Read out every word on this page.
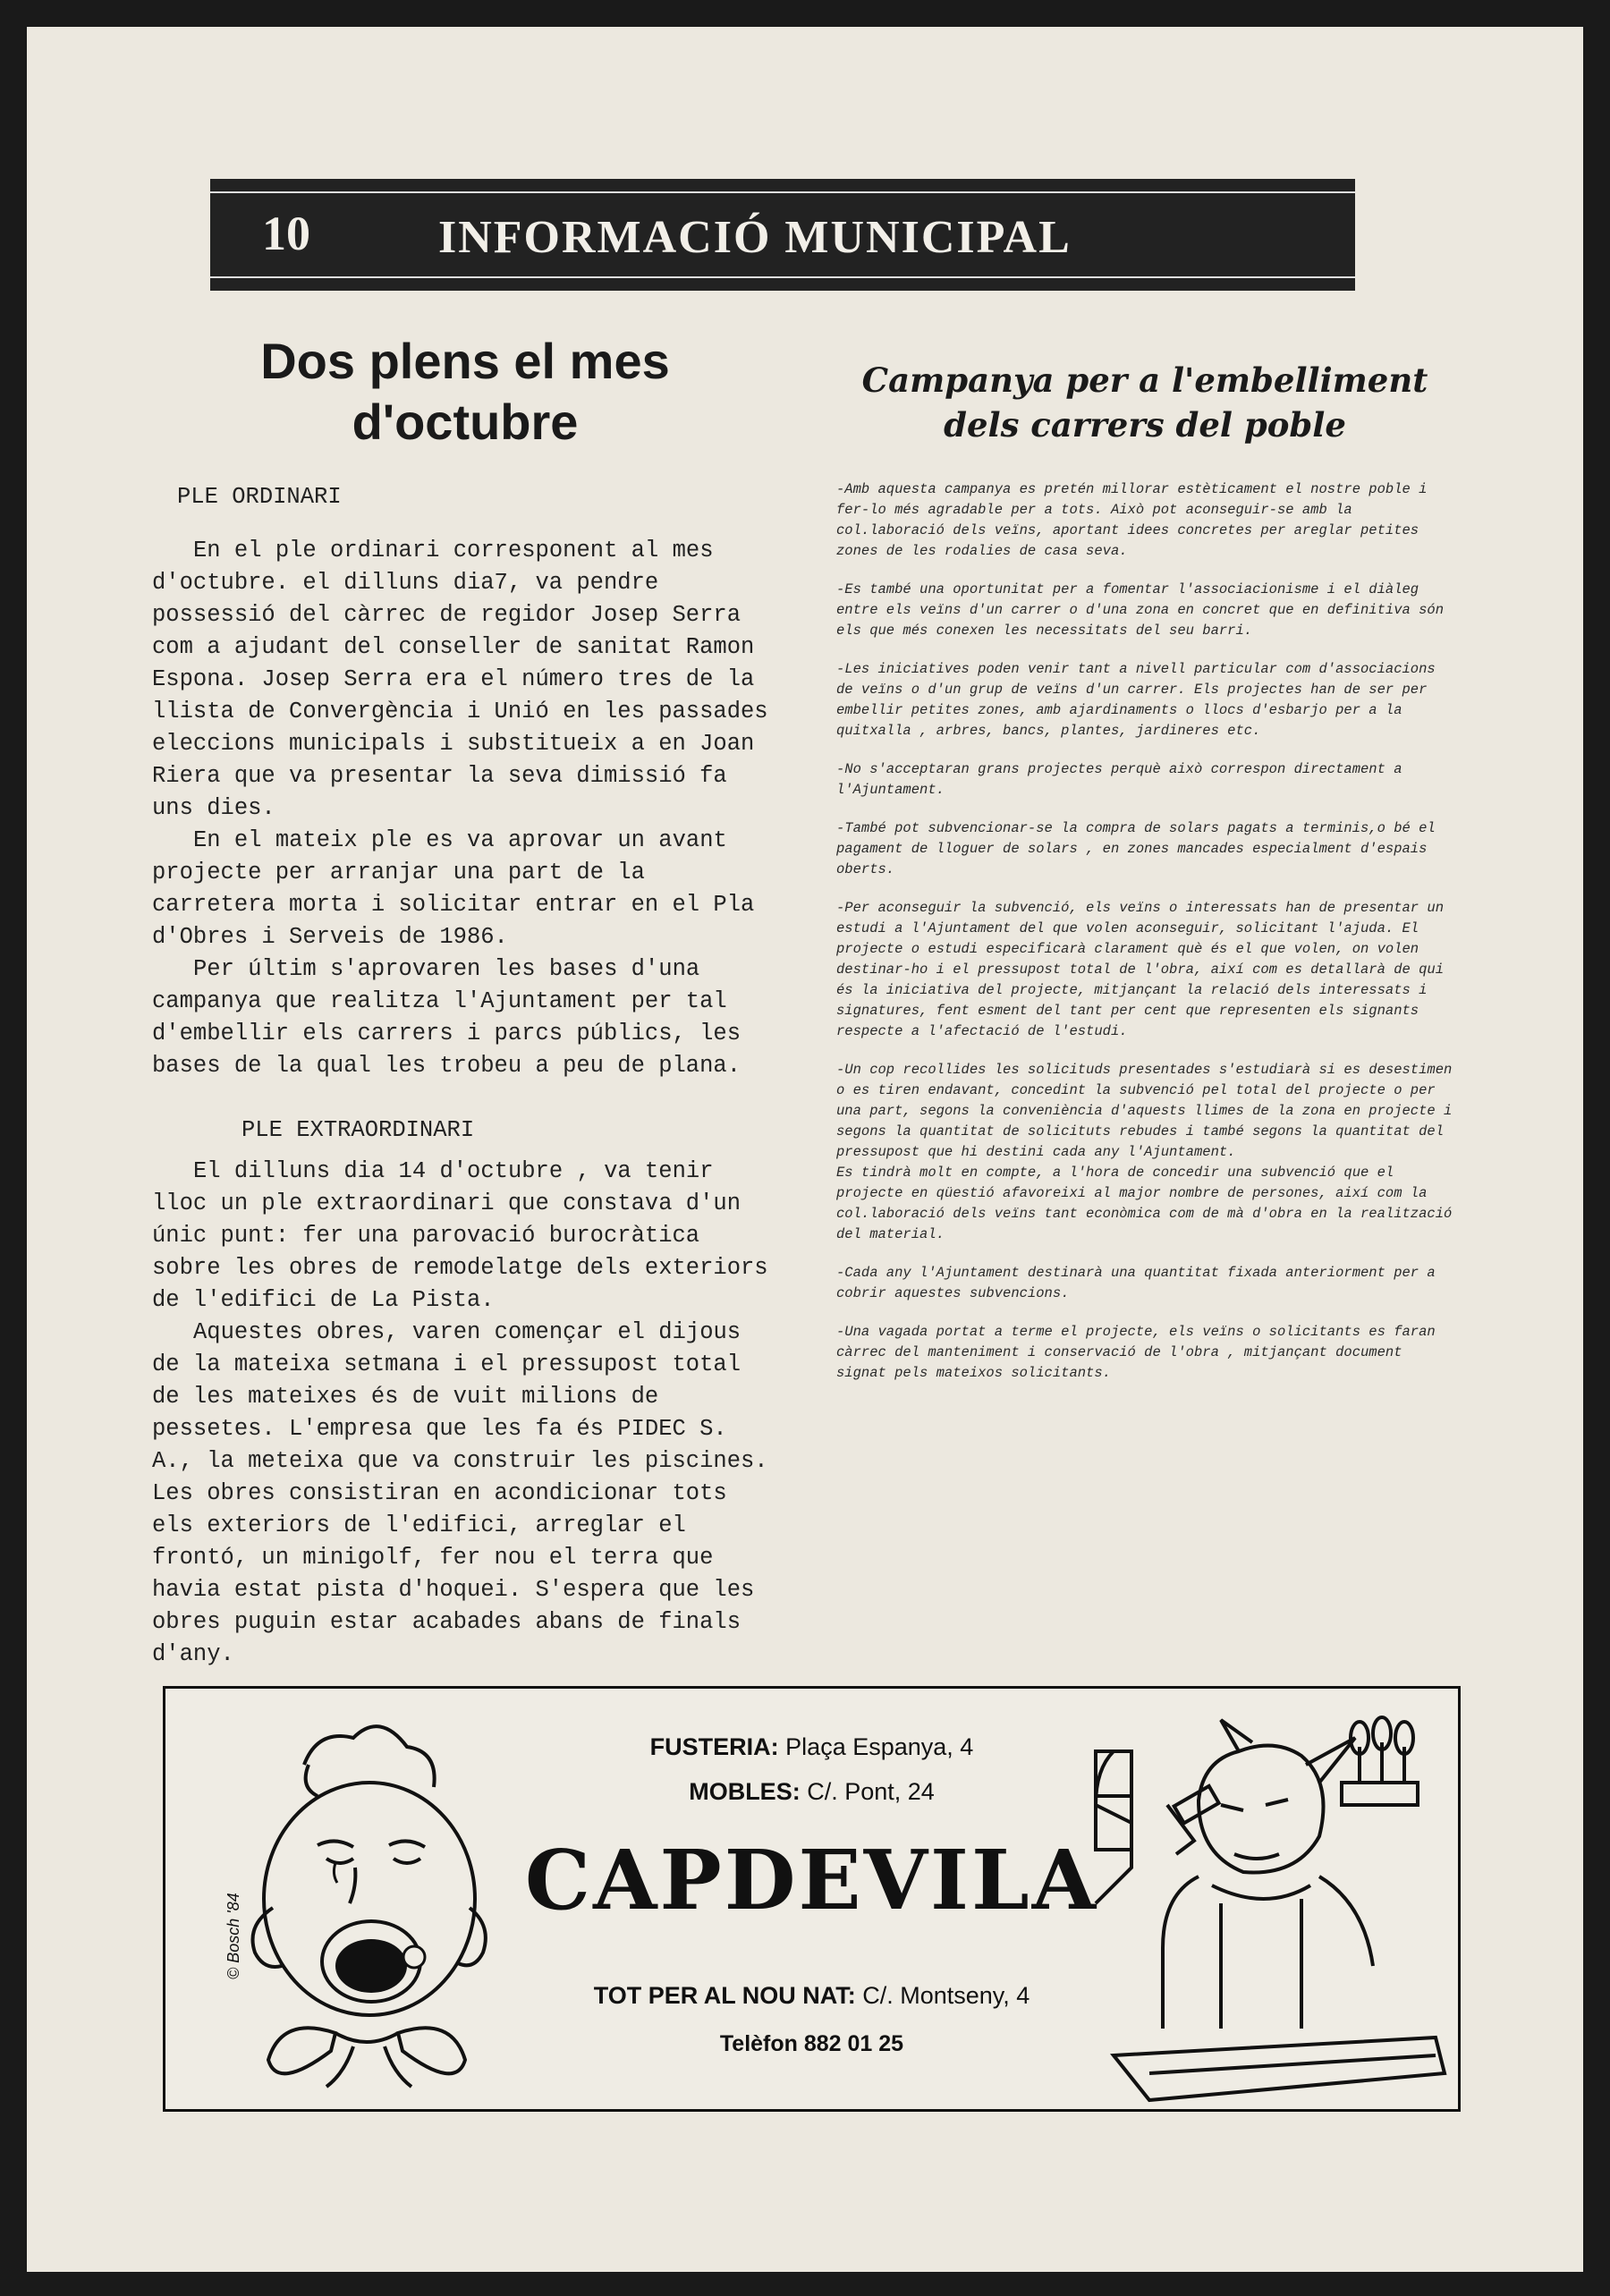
10	INFORMACIÓ MUNICIPAL
Dos plens el mes
d'octubre
PLE ORDINARI

En el ple ordinari corresponent al mes d'octubre. el dilluns dia7, va pendre possessió del càrrec de regidor Josep Serra com a ajudant del conseller de sanitat Ramon Espona. Josep Serra era el número tres de la llista de Convergència i Unió en les passades eleccions municipals i substitueix a en Joan Riera que va presentar la seva dimissió fa uns dies.

En el mateix ple es va aprovar un avant projecte per arranjar una part de la carretera morta i solicitar entrar en el Pla d'Obres i Serveis de 1986.

Per últim s'aprovaren les bases d'una campanya que realitza l'Ajuntament per tal d'embellir els carrers i parcs públics, les bases de la qual les trobeu a peu de plana.

PLE EXTRAORDINARI

El dilluns dia 14 d'octubre , va tenir lloc un ple extraordinari que constava d'un únic punt: fer una parovació burocràtica sobre les obres de remodelatge dels exteriors de l'edifici de La Pista.

Aquestes obres, varen començar el dijous de la mateixa setmana i el pressupost total de les mateixes és de vuit milions de pessetes. L'empresa que les fa és PIDEC S. A., la meteixa que va construir les piscines. Les obres consistiran en acondicionar tots els exteriors de l'edifici, arreglar el frontó, un minigolf, fer nou el terra que havia estat pista d'hoquei. S'espera que les obres puguin estar acabades abans de finals d'any.

Campanya per a l'embelliment
dels carrers del poble

-Amb aquesta campanya es pretén millorar estèticament el nostre poble i fer-lo més agradable per a tots. Això pot aconseguir-se amb la col.laboració dels veïns, aportant idees concretes per areglar petites zones de les rodalies de casa seva.

-Es també una oportunitat per a fomentar l'associacionisme i el diàleg entre els veïns d'un carrer o d'una zona en concret que en definitiva són els que més conexen les necessitats del seu barri.

-Les iniciatives poden venir tant a nivell particular com d'associacions de veïns o d'un grup de veïns d'un carrer. Els projectes han de ser per embellir petites zones, amb ajardinaments o llocs d'esbarjo per a la quitxalla , arbres, bancs, plantes, jardineres etc.

-No s'acceptaran grans projectes perquè això correspon directament a l'Ajuntament.

-També pot subvencionar-se la compra de solars pagats a terminis,o bé el pagament de lloguer de solars , en zones mancades especialment d'espais oberts.

-Per aconseguir la subvenció, els veïns o interessats han de presentar un estudi a l'Ajuntament del que volen aconseguir, solicitant l'ajuda. El projecte o estudi especificarà clarament què és el que volen, on volen destinar-ho i el pressupost total de l'obra, així com es detallarà de qui és la iniciativa del projecte, mitjançant la relació dels interessats i signatures, fent esment del tant per cent que representen els signants respecte a l'afectació de l'estudi.

-Un cop recollides les solicituds presentades s'estudiarà si es desestimen o es tiren endavant, concedint la subvenció pel total del projecte o per una part, segons la conveniència d'aquests llimes de la zona en projecte i segons la quantitat de solicituts rebudes i també segons la quantitat del pressupost que hi destini cada any l'Ajuntament.
Es tindrà molt en compte, a l'hora de concedir una subvenció que el projecte en qüestió afavoreixi al major nombre de persones, així com la col.laboració dels veïns tant econòmica com de mà d'obra en la realització del material.

-Cada any l'Ajuntament destinarà una quantitat fixada anteriorment per a cobrir aquestes subvencions.

-Una vagada portat a terme el projecte, els veïns o solicitants es faran càrrec del manteniment i conservació de l'obra , mitjançant document signat pels mateixos solicitants.

FUSTERIA: Plaça Espanya, 4
MOBLES: C/. Pont, 24
CAPDEVILA
TOT PER AL NOU NAT: C/. Montseny, 4
Telèfon 882 01 25
© Bosch '84
